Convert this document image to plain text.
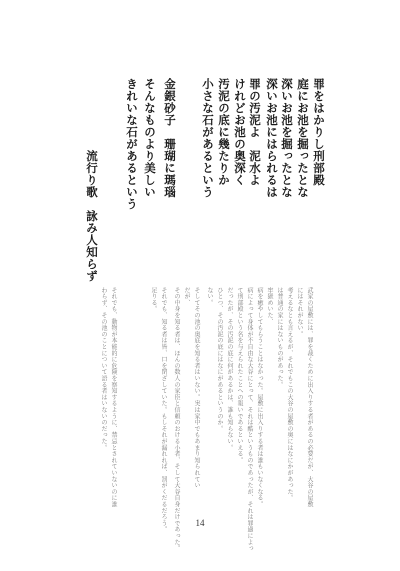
罪をはかりし刑部殿
庭にお池を掘ったとな
深いお池を掘ったとな
深いお池にはられるは
罪の汚泥よ　泥水よ
けれどお池の奥深く
汚泥の底に幾たりか
小さな石があるという
金銀砂子　珊瑚に瑪瑙
そんなものより美しい
きれいな石があるという
流行り歌　詠み人知らず
武家の屋敷には、罪を裁くために出入りする者があるの必要だが、大谷の屋敷
にはそれがない。
考えるなとも言えるが、それでもこの大谷の屋敷の奥にはなにかがあった。
は普通の家にはないものがあった。
牢獄めいた、
病を癒やしてもらうことはなかった。屋敷に出入りする者は誰もいなくなる。
病によって身体が不自由な大谷にとって、それは酷というものであったが、それは罪過によっ
て刑部殿という名を与えられたことへの報いであるといえる。
だったが、その汚泥の底に何があるかは、誰も知らない。
ひとつ、その汚泥の底にはなにがあるというのか。
ない。
そしてその池の奥底を知る者はいない。実は家中でもあまり知られてい
だが、
その中身を知る者は、ほんの数人の家臣と信頼のおける小者、そして大谷自身だけであった。
それでも、知る者は皆、口を閉ざしていた。もしそれが漏れれば、罰がくだるだろう。
足りる。
それでも、動物が本能的に危険を察知するように、禁忌とされていないのに誰
わらず、その池のことについて語る者はいないのだった。
14
